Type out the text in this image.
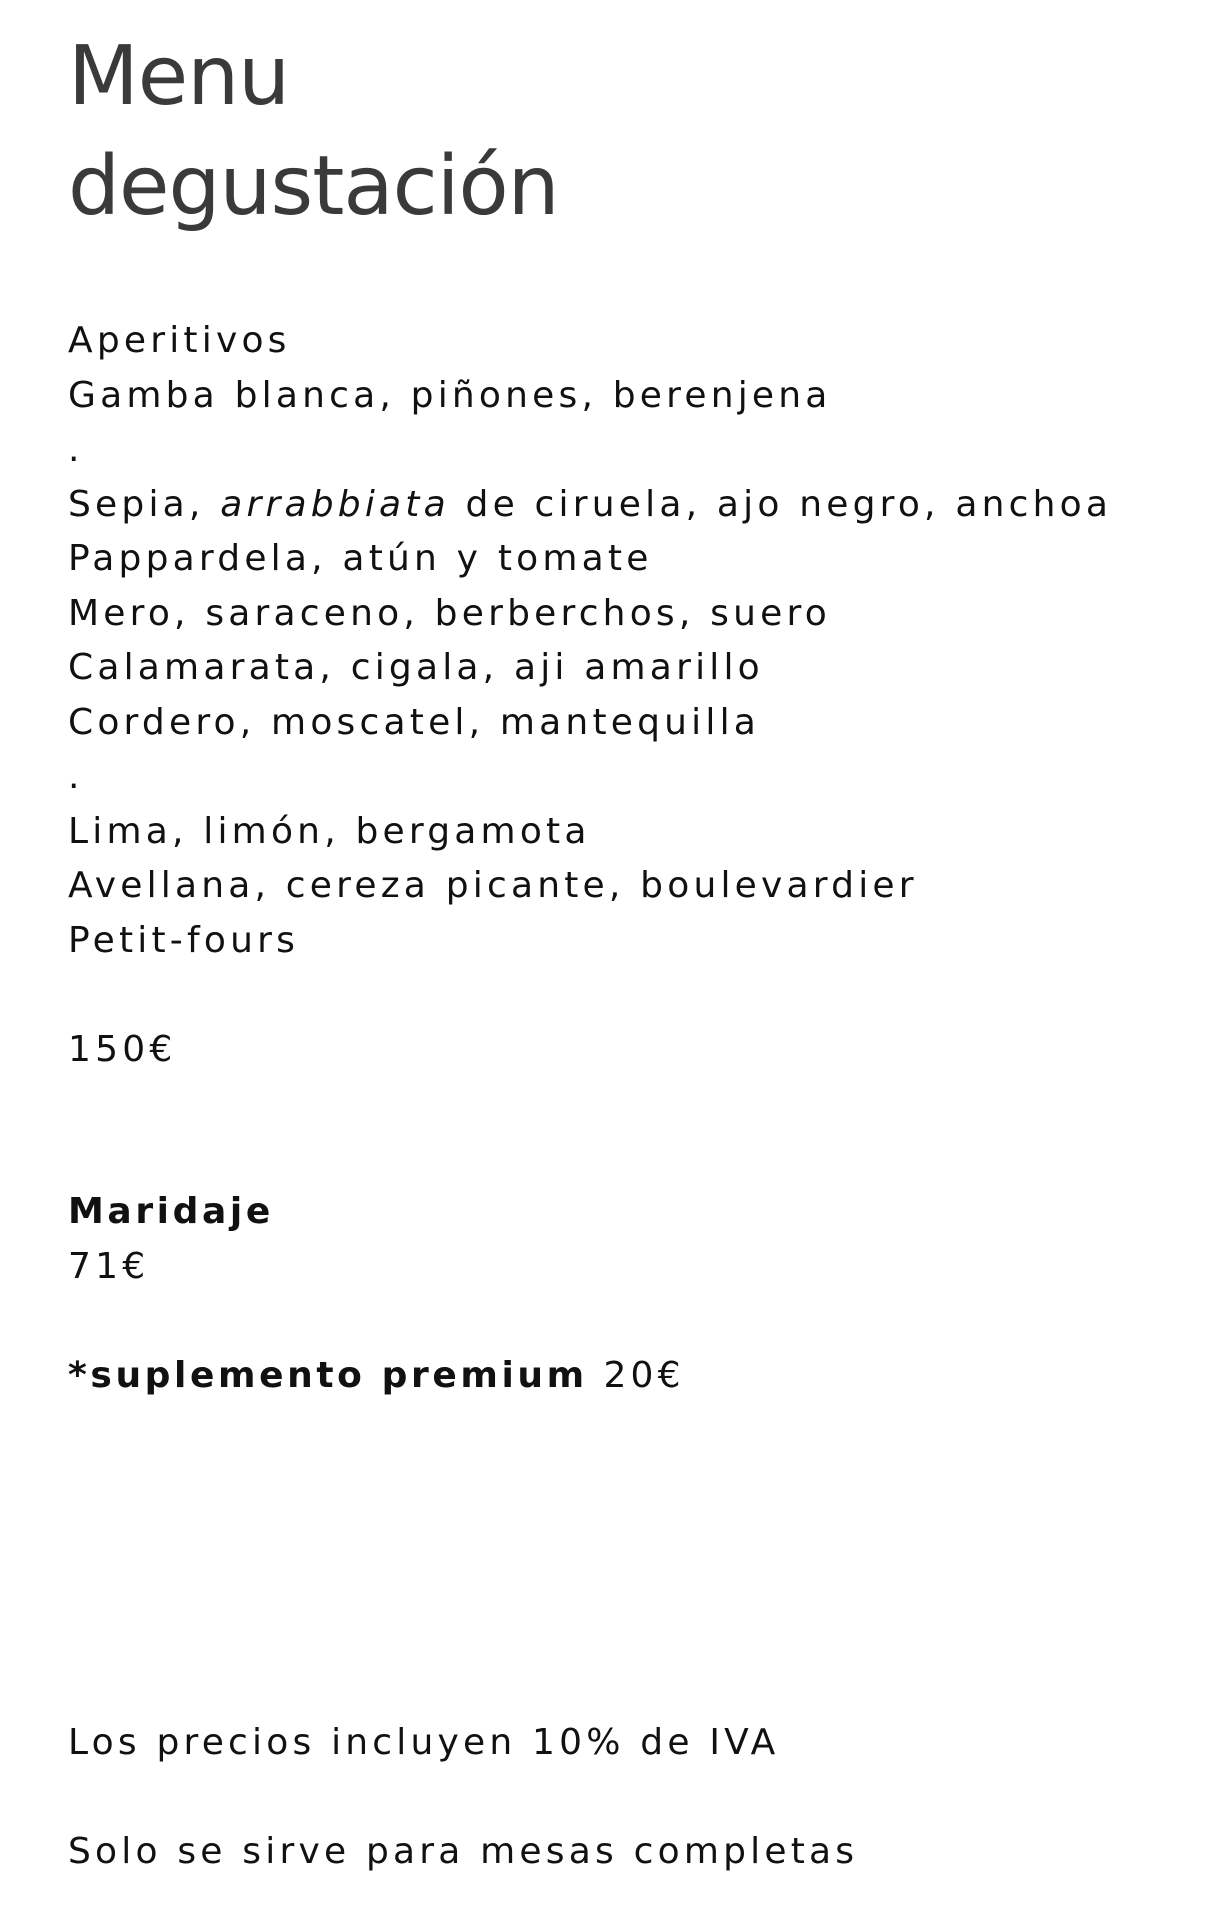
Menu
degustación
Aperitivos
Gamba blanca, piñones, berenjena
.
Sepia, arrabbiata de ciruela, ajo negro, anchoa
Pappardela, atún y tomate
Mero, saraceno, berberchos, suero
Calamarata, cigala, aji amarillo
Cordero, moscatel, mantequilla
.
Lima, limón, bergamota
Avellana, cereza picante, boulevardier
Petit-fours
150€
Maridaje
71€
*suplemento premium 20€
Los precios incluyen 10% de IVA
Solo se sirve para mesas completas
